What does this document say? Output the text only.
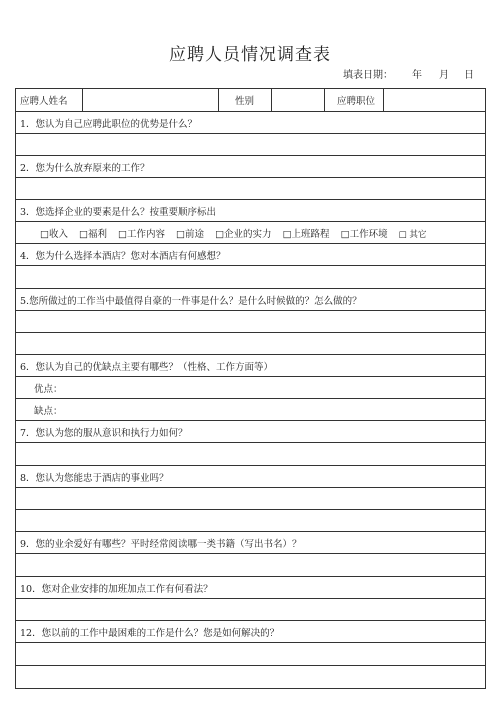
应聘人员情况调查表
填表日期： 年 月 日
应聘人姓名		性别		应聘职位	
1．您认为自己应聘此职位的优势是什么？

2．您为什么放弃原来的工作？

3．您选择企业的要素是什么？按重要顺序标出
□收入 □福利 □工作内容 □前途 □企业的实力 □上班路程 □工作环境 □ 其它
4．您为什么选择本酒店？您对本酒店有何感想？

5.您所做过的工作当中最值得自豪的一件事是什么？是什么时候做的？怎么做的？

6．您认为自己的优缺点主要有哪些？（性格、工作方面等）
优点：
缺点：
7．您认为您的服从意识和执行力如何？

8．您认为您能忠于酒店的事业吗？

9．您的业余爱好有哪些？平时经常阅读哪一类书籍（写出书名）？

10．您对企业安排的加班加点工作有何看法？

12．您以前的工作中最困难的工作是什么？您是如何解决的？
